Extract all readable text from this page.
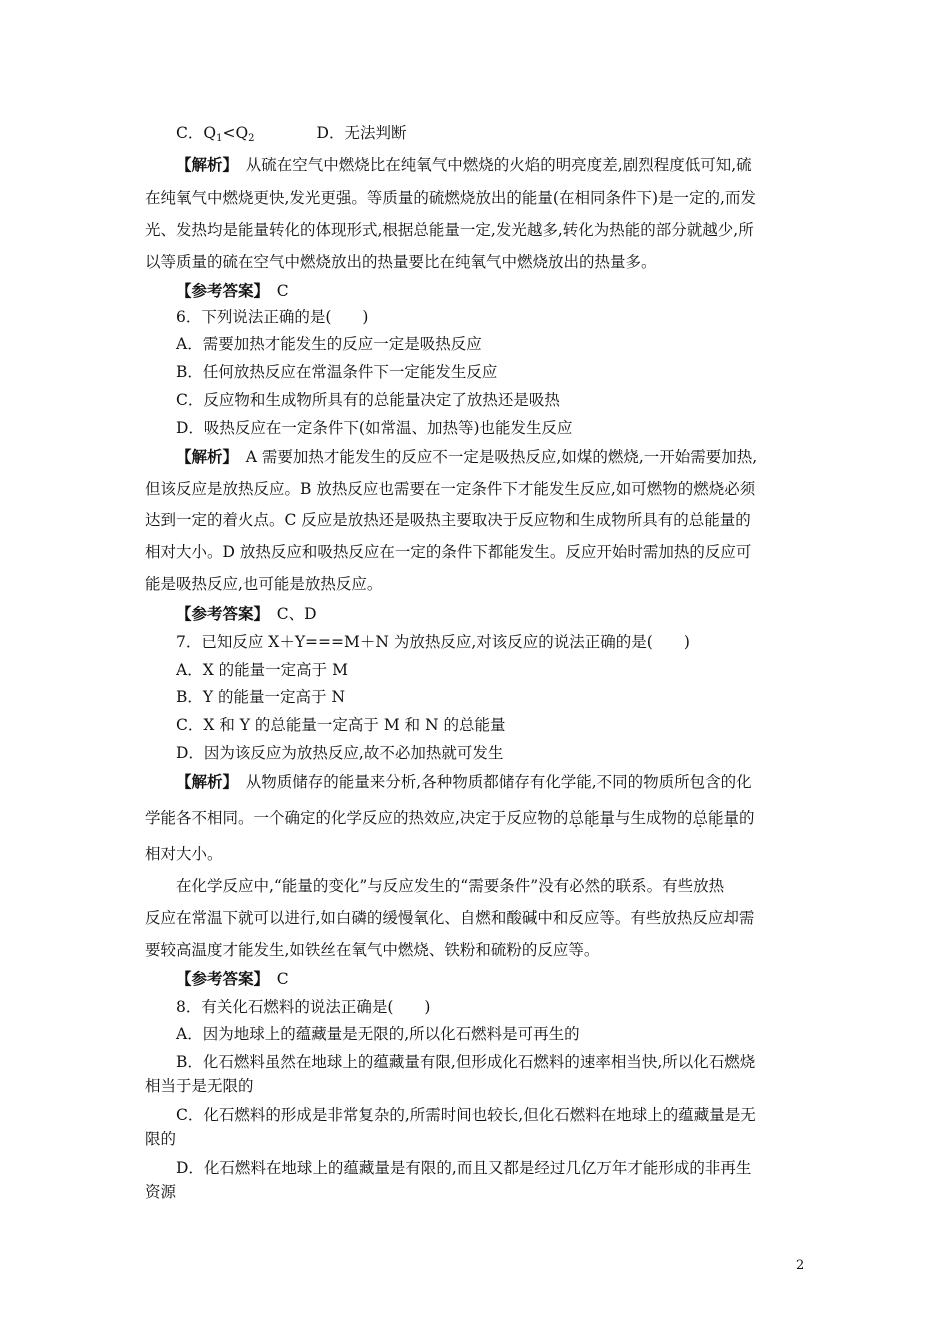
C．$Q_1<Q_2$	D．无法判断
【解析】　 从硫在空气中燃烧比在纯氧气中燃烧的火焰的明亮度差,剧烈程度低可知,硫
在纯氧气中燃烧更快,发光更强。等质量的硫燃烧放出的能量(在相同条件下)是一定的,而发
光、发热均是能量转化的体现形式,根据总能量一定,发光越多,转化为热能的部分就越少,所
以等质量的硫在空气中燃烧放出的热量要比在纯氧气中燃烧放出的热量多。
【参考答案】　 C
6．下列说法正确的是(　　)
A．需要加热才能发生的反应一定是吸热反应
B．任何放热反应在常温条件下一定能发生反应
C．反应物和生成物所具有的总能量决定了放热还是吸热
D．吸热反应在一定条件下(如常温、加热等)也能发生反应
【解析】　 A 需要加热才能发生的反应不一定是吸热反应,如煤的燃烧,一开始需要加热,
但该反应是放热反应。B 放热反应也需要在一定条件下才能发生反应,如可燃物的燃烧必须
达到一定的着火点。C 反应是放热还是吸热主要取决于反应物和生成物所具有的总能量的
相对大小。D 放热反应和吸热反应在一定的条件下都能发生。反应开始时需加热的反应可
能是吸热反应,也可能是放热反应。
【参考答案】　 C、D
7．已知反应 X＋Y===M＋N 为放热反应,对该反应的说法正确的是(　　)
A．X 的能量一定高于 M
B．Y 的能量一定高于 N
C．X 和 Y 的总能量一定高于 M 和 N 的总能量
D．因为该反应为放热反应,故不必加热就可发生
【解析】　 从物质储存的能量来分析,各种物质都储存有化学能,不同的物质所包含的化
学能各不相同。一个确定的化学反应的热效应,决定于反应物的总能量与生成物的总能量的
相对大小。
在化学反应中,“能量的变化”与反应发生的“需要条件”没有必然的联系。有些放热
反应在常温下就可以进行,如白磷的缓慢氧化、自燃和酸碱中和反应等。有些放热反应却需
要较高温度才能发生,如铁丝在氧气中燃烧、铁粉和硫粉的反应等。
【参考答案】　 C
8．有关化石燃料的说法正确是(　　)
A．因为地球上的蕴藏量是无限的,所以化石燃料是可再生的
B．化石燃料虽然在地球上的蕴藏量有限,但形成化石燃料的速率相当快,所以化石燃烧
相当于是无限的
C．化石燃料的形成是非常复杂的,所需时间也较长,但化石燃料在地球上的蕴藏量是无
限的
D．化石燃料在地球上的蕴藏量是有限的,而且又都是经过几亿万年才能形成的非再生
资源
2
